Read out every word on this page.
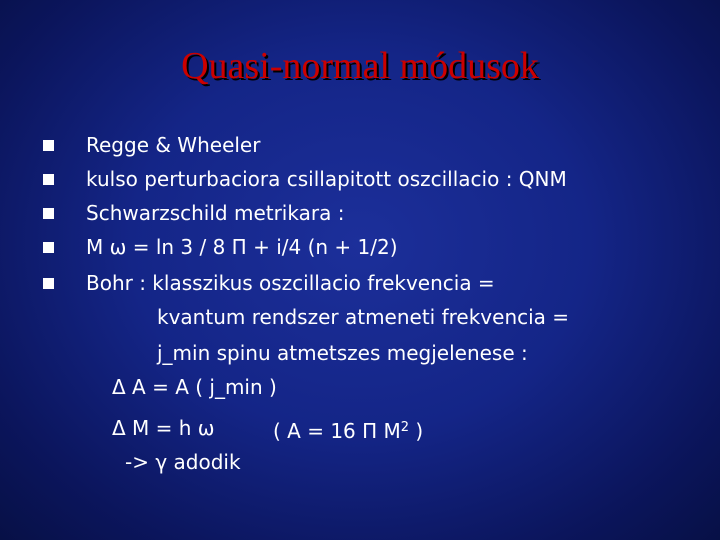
Quasi-normal módusok
Regge & Wheeler
kulso perturbaciora csillapitott oszcillacio : QNM
Schwarzschild metrikara :
M ω = ln 3 / 8 Π + i/4 (n + 1/2)
Bohr : klasszikus oszcillacio frekvencia =
kvantum rendszer atmeneti frekvencia =
j_min spinu atmetszes megjelenese :
Δ A = A ( j_min )
Δ M = h ω	( A = 16 Π $M^2$ )
-> γ adodik
